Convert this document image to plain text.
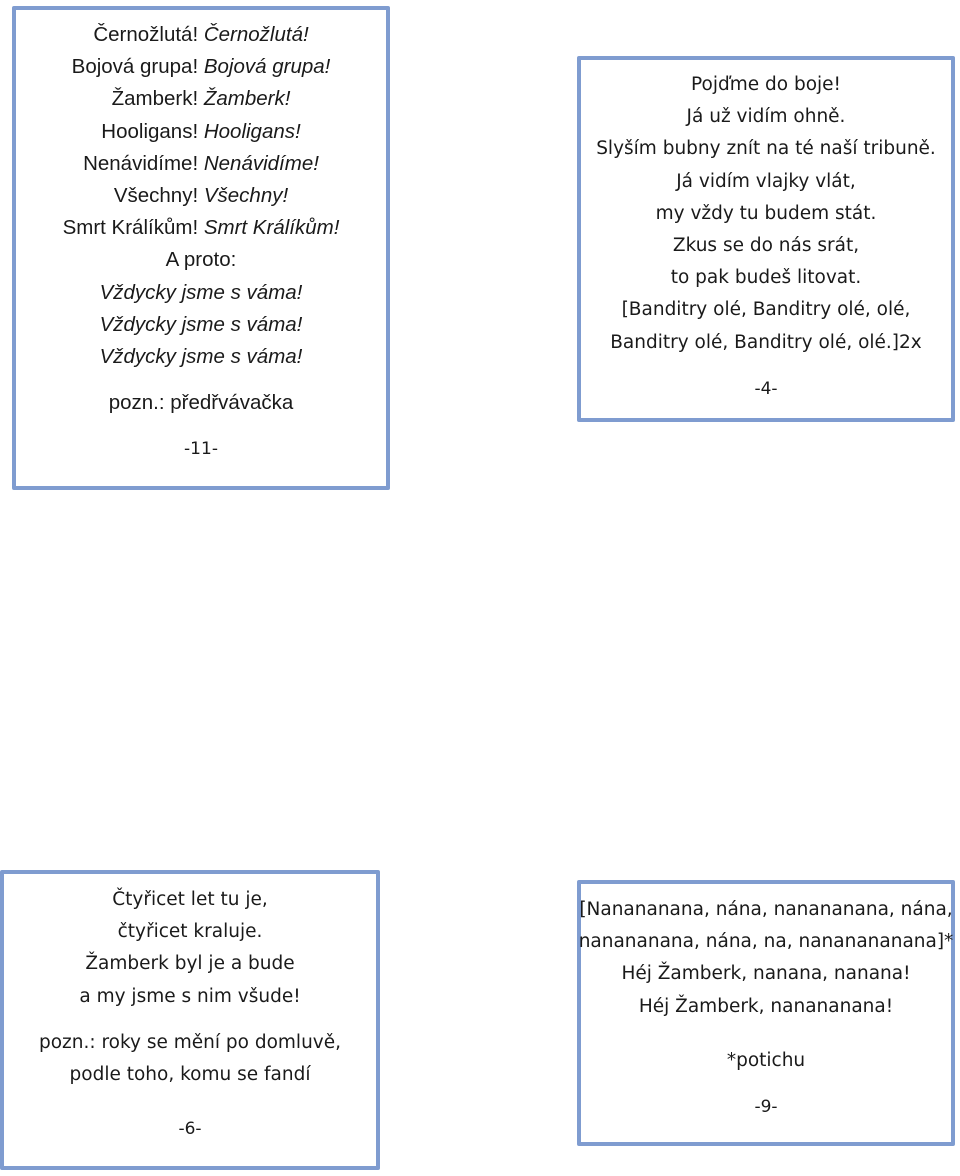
Černožlutá! Černožlutá!
Bojová grupa! Bojová grupa!
Žamberk! Žamberk!
Hooligans! Hooligans!
Nenávidíme! Nenávidíme!
Všechny! Všechny!
Smrt Králíkům! Smrt Králíkům!
A proto:
Vždycky jsme s váma!
Vždycky jsme s váma!
Vždycky jsme s váma!
pozn.: předřvávačka
-11-
Pojďme do boje!
Já už vidím ohně.
Slyším bubny znít na té naší tribuně.
Já vidím vlajky vlát,
my vždy tu budem stát.
Zkus se do nás srát,
to pak budeš litovat.
[Banditry olé, Banditry olé, olé,
Banditry olé, Banditry olé, olé.]2x
-4-
Čtyřicet let tu je,
čtyřicet kraluje.
Žamberk byl je a bude
a my jsme s nim všude!
pozn.: roky se mění po domluvě,
podle toho, komu se fandí
-6-
[Nanananana, nána, nanananana, nána,
nanananana, nána, na, nananananana]*
Héj Žamberk, nanana, nanana!
Héj Žamberk, nanananana!
*potichu
-9-
